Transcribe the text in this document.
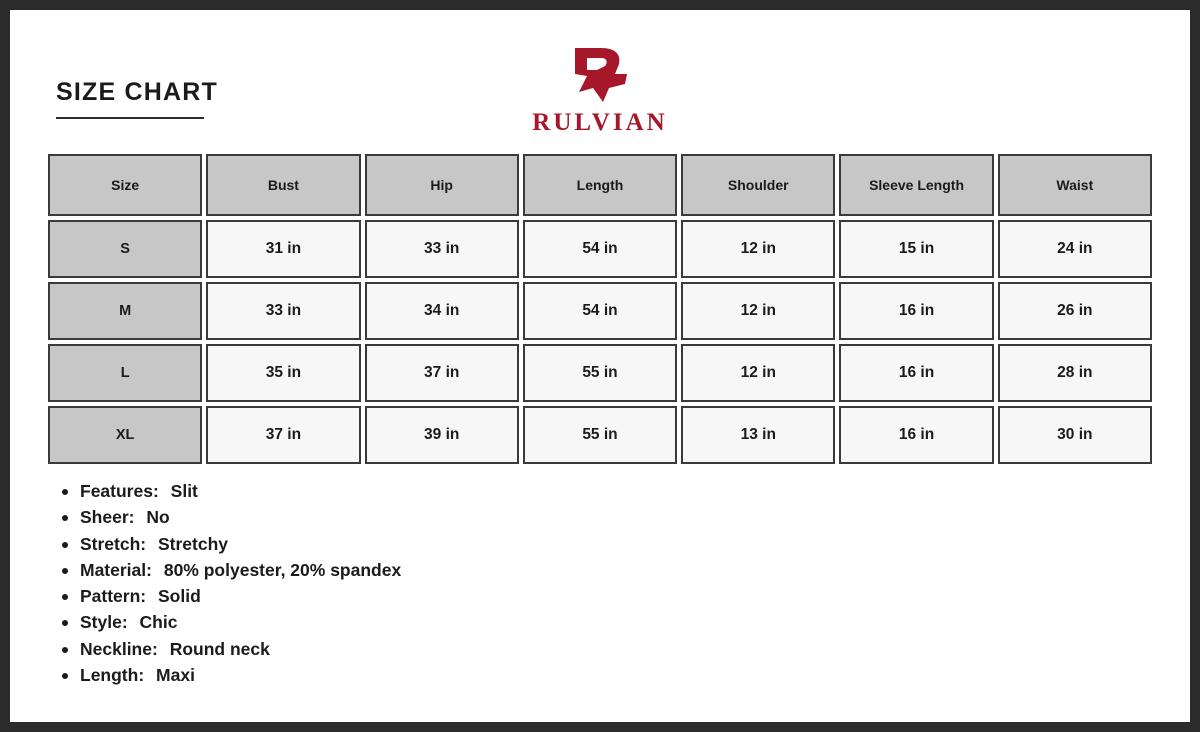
SIZE CHART
RULVIAN
Size	Bust	Hip	Length	Shoulder	Sleeve Length	Waist
S	31 in	33 in	54 in	12 in	15 in	24 in
M	33 in	34 in	54 in	12 in	16 in	26 in
L	35 in	37 in	55 in	12 in	16 in	28 in
XL	37 in	39 in	55 in	13 in	16 in	30 in
Features: Slit
Sheer: No
Stretch: Stretchy
Material: 80% polyester, 20% spandex
Pattern: Solid
Style: Chic
Neckline: Round neck
Length: Maxi
